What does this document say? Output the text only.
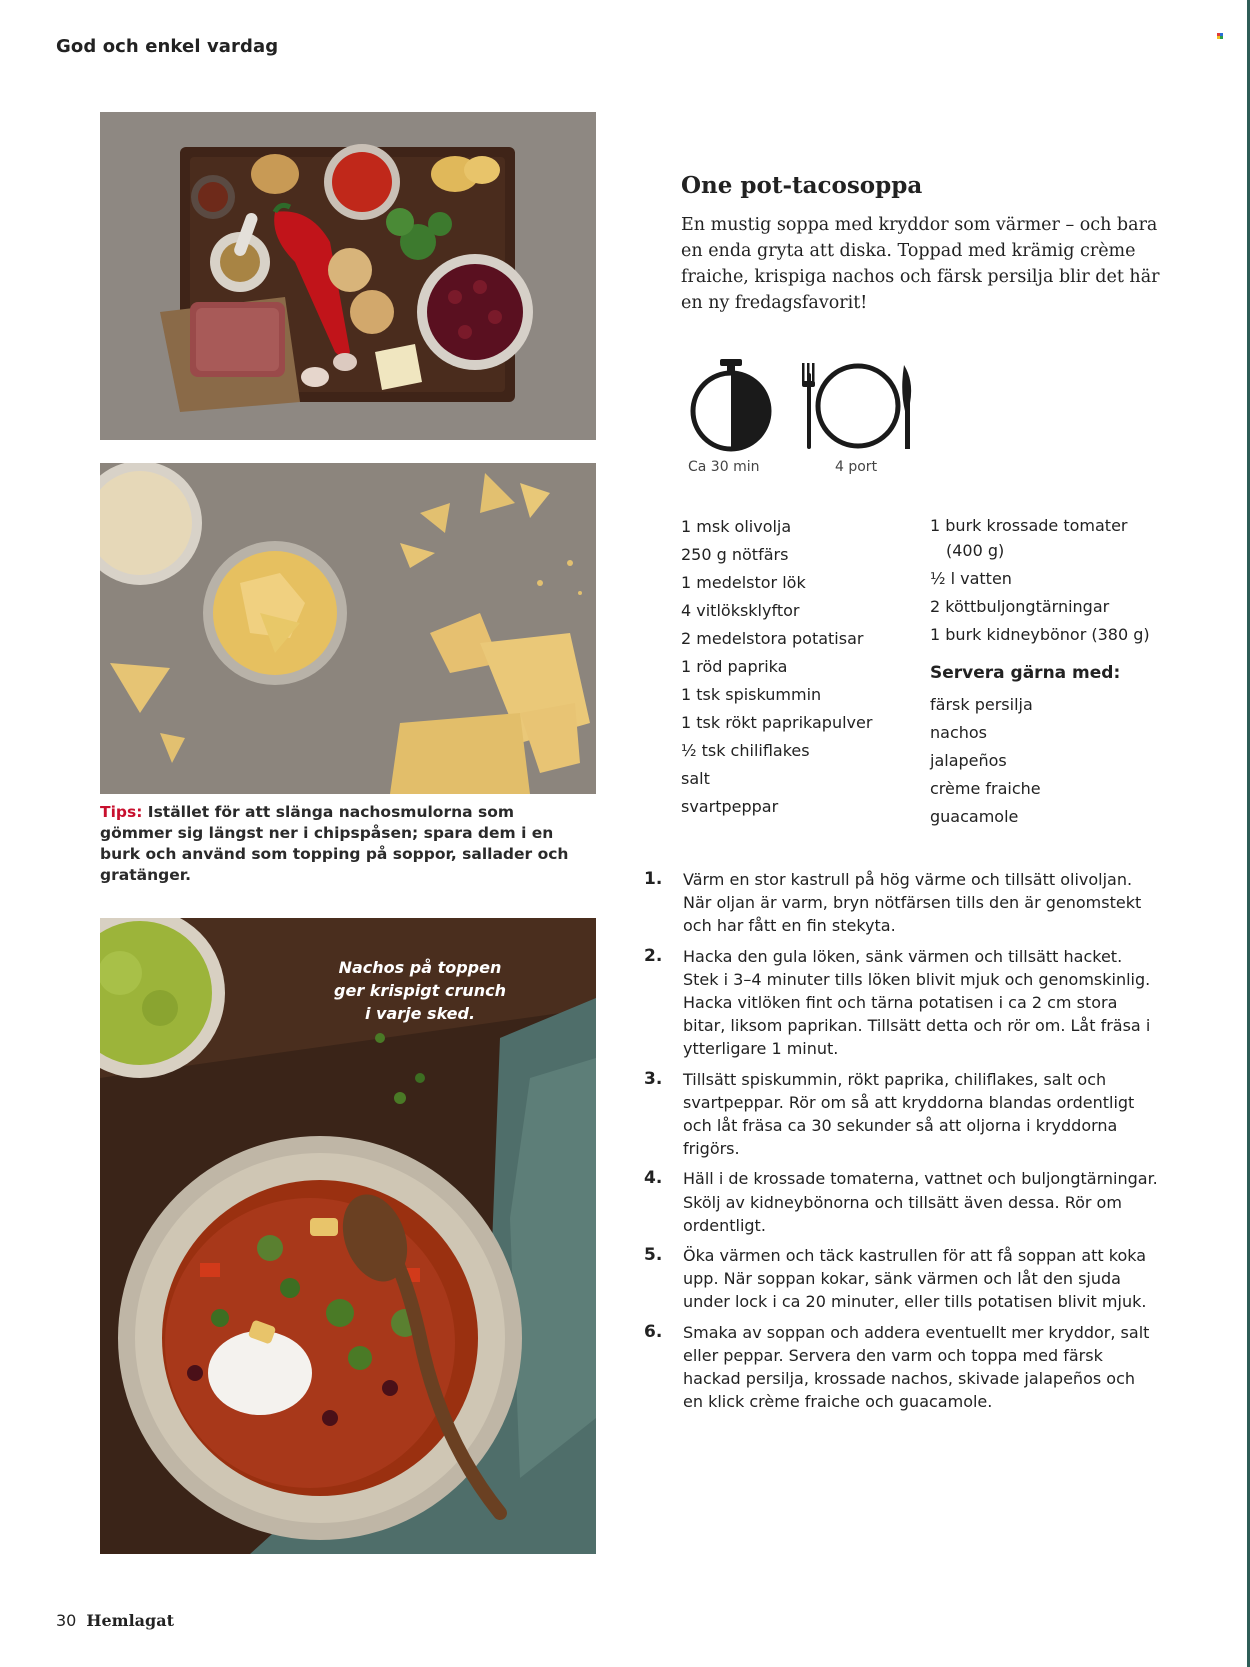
God och enkel vardag

Tips: Istället för att slänga nachosmulorna som gömmer sig längst ner i chipspåsen; spara dem i en burk och använd som topping på soppor, sallader och gratänger.

Nachos på toppen
ger krispigt crunch
i varje sked.

One pot-tacosoppa

En mustig soppa med kryddor som värmer – och bara en enda gryta att diska. Toppad med krämig crème fraiche, krispiga nachos och färsk persilja blir det här en ny fredagsfavorit!

Ca 30 min	4 port
1 msk olivolja
250 g nötfärs
1 medelstor lök
4 vitlöksklyftor
2 medelstora potatisar
1 röd paprika
1 tsk spiskummin
1 tsk rökt paprikapulver
½ tsk chiliflakes
salt
svartpeppar
1 burk krossade tomater
(400 g)
½ l vatten
2 köttbuljongtärningar
1 burk kidneybönor (380 g)
Servera gärna med:
färsk persilja
nachos
jalapeños
crème fraiche
guacamole
1. Värm en stor kastrull på hög värme och tillsätt olivoljan. När oljan är varm, bryn nötfärsen tills den är genomstekt och har fått en fin stekyta.
2. Hacka den gula löken, sänk värmen och tillsätt hacket. Stek i 3–4 minuter tills löken blivit mjuk och genomskinlig. Hacka vitlöken fint och tärna potatisen i ca 2 cm stora bitar, liksom paprikan. Tillsätt detta och rör om. Låt fräsa i ytterligare 1 minut.
3. Tillsätt spiskummin, rökt paprika, chiliflakes, salt och svartpeppar. Rör om så att kryddorna blandas ordentligt och låt fräsa ca 30 sekunder så att oljorna i kryddorna frigörs.
4. Häll i de krossade tomaterna, vattnet och buljongtärningar. Skölj av kidneybönorna och tillsätt även dessa. Rör om ordentligt.
5. Öka värmen och täck kastrullen för att få soppan att koka upp. När soppan kokar, sänk värmen och låt den sjuda under lock i ca 20 minuter, eller tills potatisen blivit mjuk.
6. Smaka av soppan och addera eventuellt mer kryddor, salt eller peppar. Servera den varm och toppa med färsk hackad persilja, krossade nachos, skivade jalapeños och en klick crème fraiche och guacamole.
30 Hemlagat
